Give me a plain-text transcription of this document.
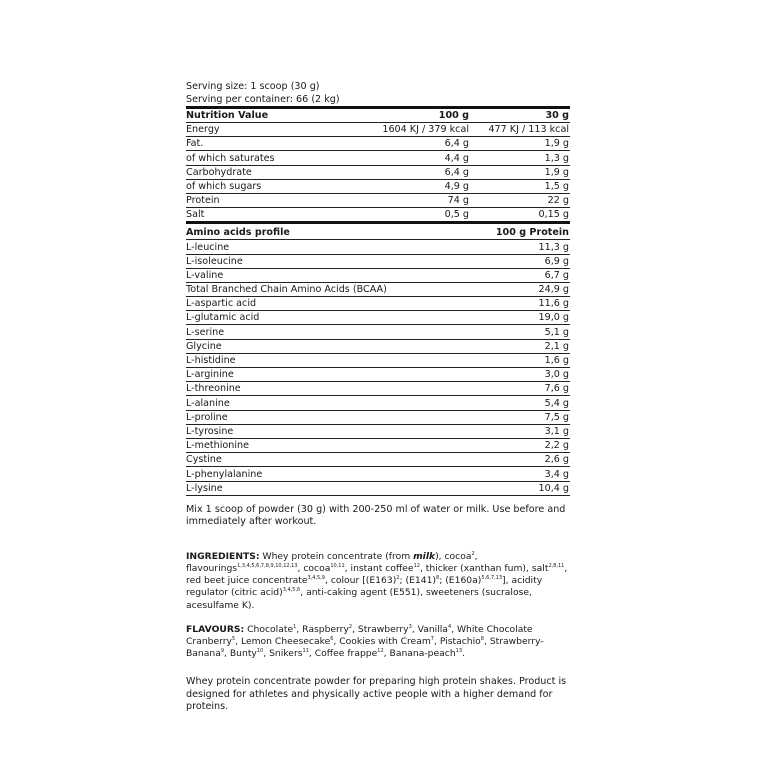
Serving size: 1 scoop (30 g)
Serving per container: 66 (2 kg)
Nutrition Value	100 g	30 g
Energy	1604 KJ / 379 kcal	477 KJ / 113 kcal
Fat.	6,4 g	1,9 g
of which saturates	4,4 g	1,3 g
Carbohydrate	6,4 g	1,9 g
of which sugars	4,9 g	1,5 g
Protein	74 g	22 g
Salt	0,5 g	0,15 g
Amino acids profile	100 g Protein
L-leucine	11,3 g
L-isoleucine	6,9 g
L-valine	6,7 g
Total Branched Chain Amino Acids (BCAA)	24,9 g
L-aspartic acid	11,6 g
L-glutamic acid	19,0 g
L-serine	5,1 g
Glycine	2,1 g
L-histidine	1,6 g
L-arginine	3,0 g
L-threonine	7,6 g
L-alanine	5,4 g
L-proline	7,5 g
L-tyrosine	3,1 g
L-methionine	2,2 g
Cystine	2,6 g
L-phenylalanine	3,4 g
L-lysine	10,4 g
Mix 1 scoop of powder (30 g) with 200-250 ml of water or milk. Use before and immediately after workout.
INGREDIENTS: Whey protein concentrate (from milk), cocoa$^2$, flavourings$^{1,3,4,5,6,7,8,9,10,12,13}$, cocoa$^{10,11}$, instant coffee$^{12}$, thicker (xanthan fum), salt$^{2,8,11}$, red beet juice concentrate$^{3,4,5,9}$, colour [$(E163)^2$; $(E141)^8$; $(E160a)^{5,6,7,13}$], acidity regulator (citric acid)$^{3,4,5,6}$, anti-caking agent (E551), sweeteners (sucralose, acesulfame K).
FLAVOURS: Chocolate$^1$, Raspberry$^2$, Strawberry$^3$, Vanilla$^4$, White Chocolate Cranberry$^5$, Lemon Cheesecake$^6$, Cookies with Cream$^7$, Pistachio$^8$, Strawberry-Banana$^9$, Bunty$^{10}$, Snikers$^{11}$, Coffee frappe$^{12}$, Banana-peach$^{13}$.
Whey protein concentrate powder for preparing high protein shakes. Product is designed for athletes and physically active people with a higher demand for proteins.
